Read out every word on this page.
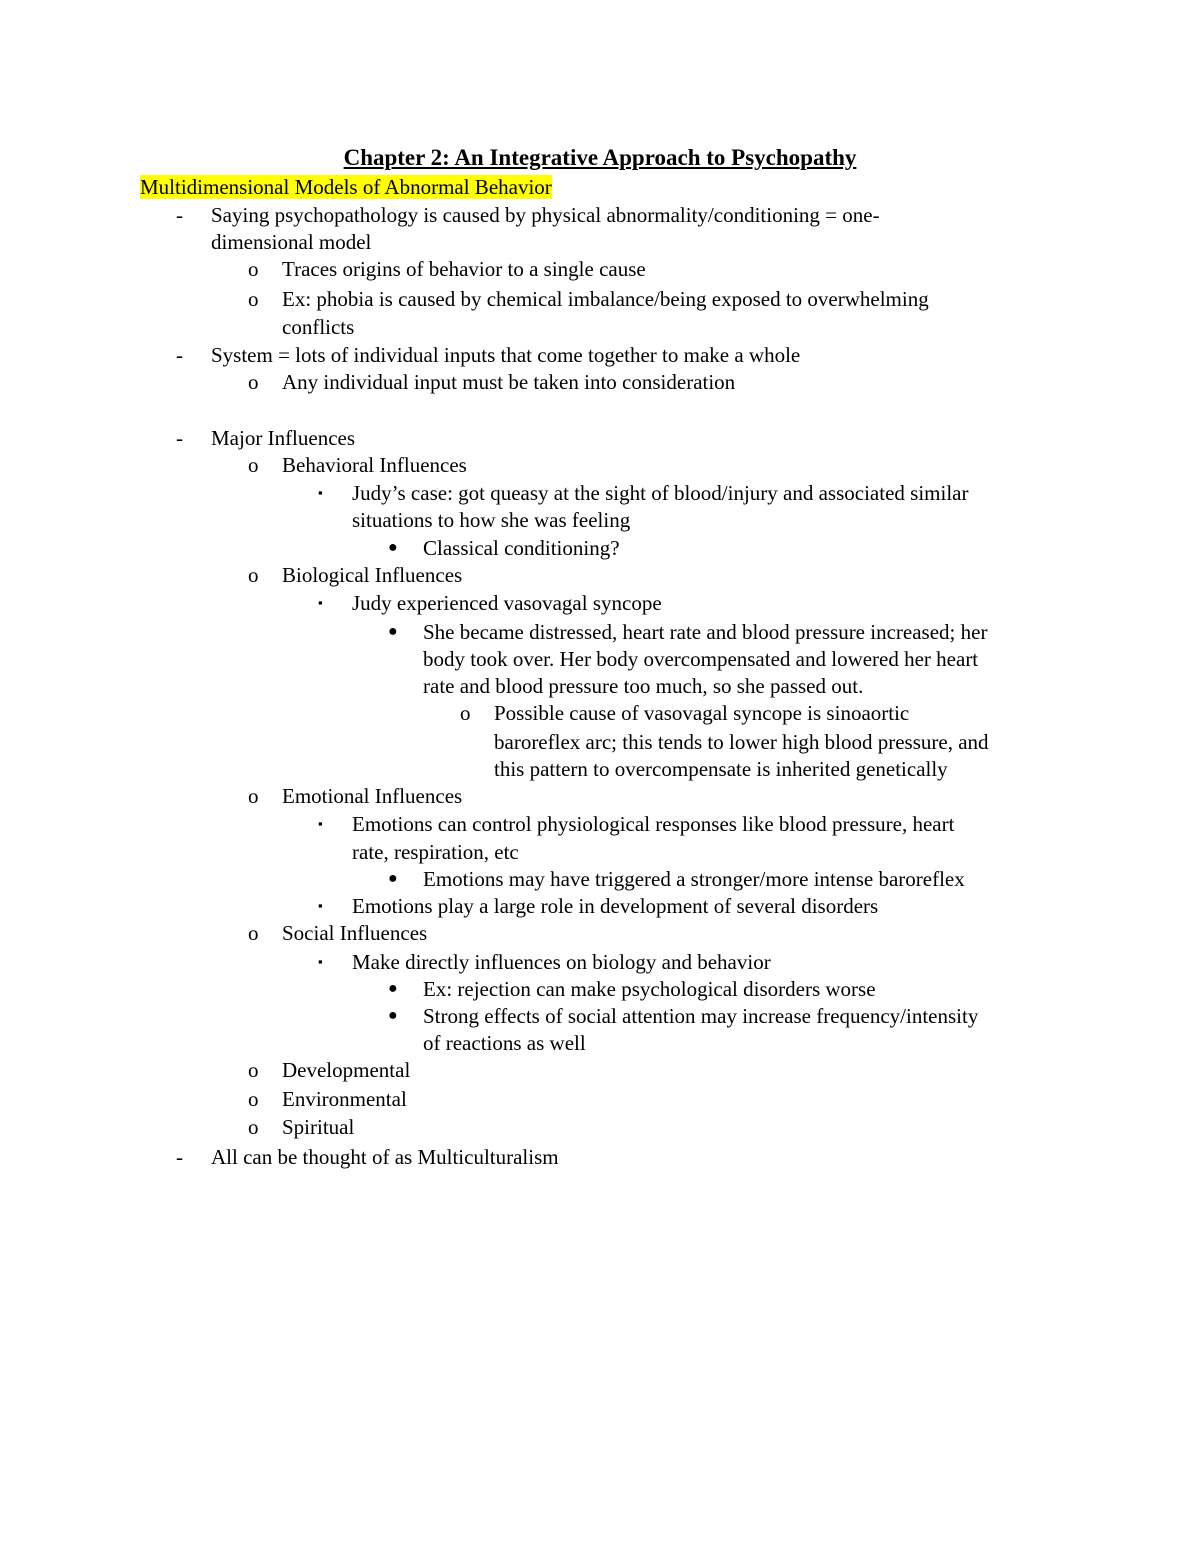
Chapter 2: An Integrative Approach to Psychopathy
Multidimensional Models of Abnormal Behavior
- Saying psychopathology is caused by physical abnormality/conditioning = one-
dimensional model
o Traces origins of behavior to a single cause
o Ex: phobia is caused by chemical imbalance/being exposed to overwhelming
conflicts
- System = lots of individual inputs that come together to make a whole
o Any individual input must be taken into consideration
- Major Influences
o Behavioral Influences
▪ Judy’s case: got queasy at the sight of blood/injury and associated similar
situations to how she was feeling
● Classical conditioning?
o Biological Influences
▪ Judy experienced vasovagal syncope
● She became distressed, heart rate and blood pressure increased; her
body took over. Her body overcompensated and lowered her heart
rate and blood pressure too much, so she passed out.
o Possible cause of vasovagal syncope is sinoaortic
baroreflex arc; this tends to lower high blood pressure, and
this pattern to overcompensate is inherited genetically
o Emotional Influences
▪ Emotions can control physiological responses like blood pressure, heart
rate, respiration, etc
● Emotions may have triggered a stronger/more intense baroreflex
▪ Emotions play a large role in development of several disorders
o Social Influences
▪ Make directly influences on biology and behavior
● Ex: rejection can make psychological disorders worse
● Strong effects of social attention may increase frequency/intensity
of reactions as well
o Developmental
o Environmental
o Spiritual
- All can be thought of as Multiculturalism
